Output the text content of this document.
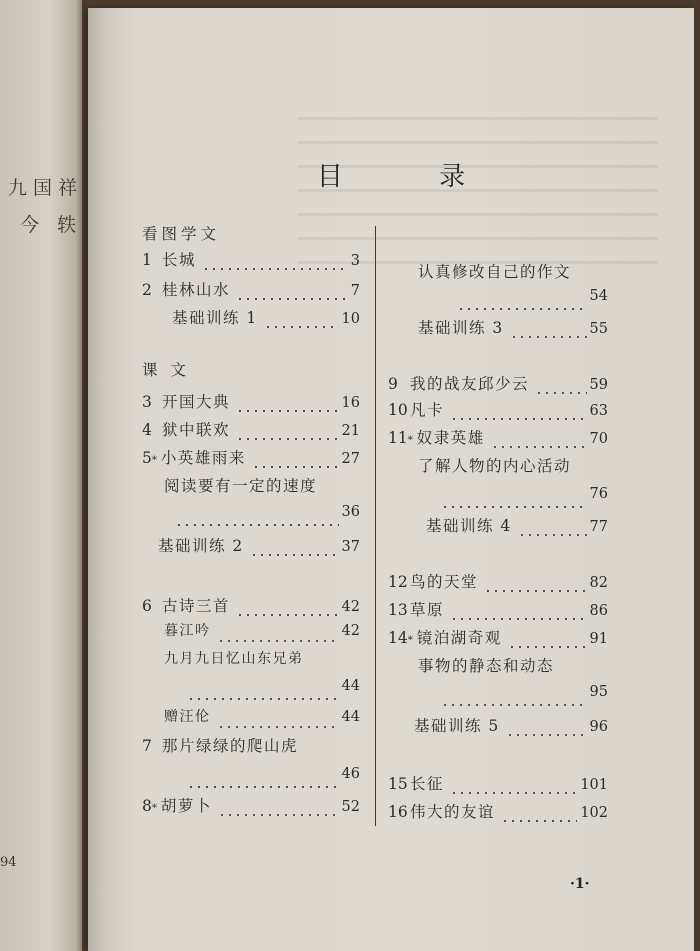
九国祥
今 轶
94
目 录
看图学文
1 长城	3
2 桂林山水	7
基础训练 1	10
课 文
3 开国大典	16
4 狱中联欢	21
5 * 小英雄雨来	27
阅读要有一定的速度
36
基础训练 2	37
6 古诗三首	42
暮江吟	42
九月九日忆山东兄弟
44
赠汪伦	44
7 那片绿绿的爬山虎
46
8 * 胡萝卜	52
认真修改自己的作文
54
基础训练 3	55
9 我的战友邱少云	59
10 凡卡	63
11 * 奴隶英雄	70
了解人物的内心活动
76
基础训练 4	77
12 鸟的天堂	82
13 草原	86
14 * 镜泊湖奇观	91
事物的静态和动态
95
基础训练 5	96
15 长征	101
16 伟大的友谊	102
·1·
